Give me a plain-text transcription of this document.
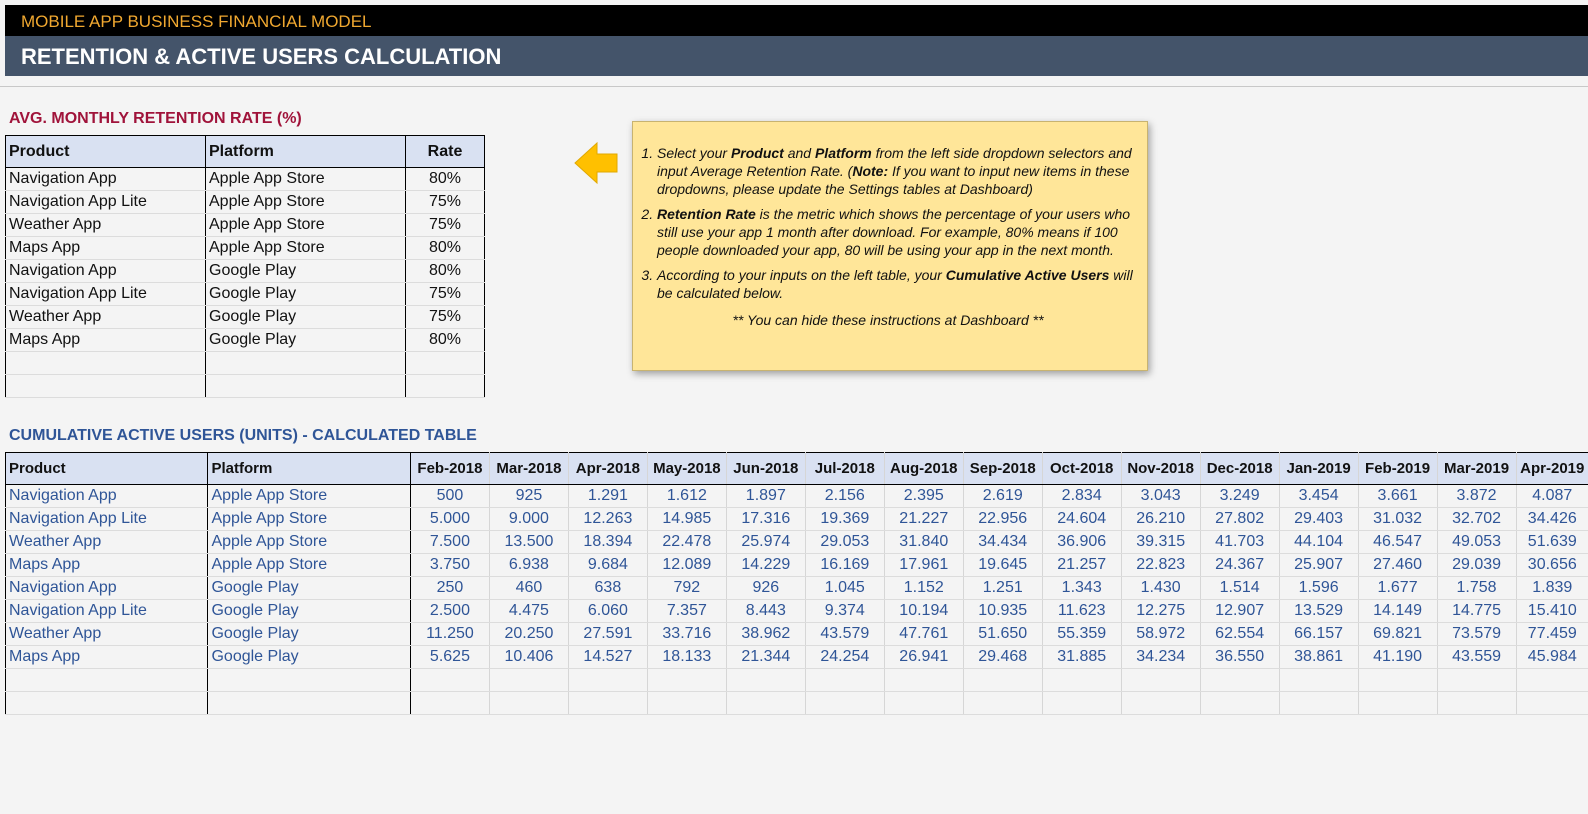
MOBILE APP BUSINESS FINANCIAL MODEL
RETENTION & ACTIVE USERS CALCULATION
AVG. MONTHLY RETENTION RATE (%)
Product	Platform	Rate
Navigation App	Apple App Store	80%
Navigation App Lite	Apple App Store	75%
Weather App	Apple App Store	75%
Maps App	Apple App Store	80%
Navigation App	Google Play	80%
Navigation App Lite	Google Play	75%
Weather App	Google Play	75%
Maps App	Google Play	80%

1. Select your Product and Platform from the left side dropdown selectors and input Average Retention Rate. (Note: If you want to input new items in these dropdowns, please update the Settings tables at Dashboard)
2. Retention Rate is the metric which shows the percentage of your users who still use your app 1 month after download. For example, 80% means if 100 people downloaded your app, 80 will be using your app in the next month.
3. According to your inputs on the left table, your Cumulative Active Users will be calculated below.
** You can hide these instructions at Dashboard **
CUMULATIVE ACTIVE USERS (UNITS) - CALCULATED TABLE
Product	Platform	Feb-2018	Mar-2018	Apr-2018	May-2018	Jun-2018	Jul-2018	Aug-2018	Sep-2018	Oct-2018	Nov-2018	Dec-2018	Jan-2019	Feb-2019	Mar-2019	Apr-2019
Navigation App	Apple App Store	500	925	1.291	1.612	1.897	2.156	2.395	2.619	2.834	3.043	3.249	3.454	3.661	3.872	4.087
Navigation App Lite	Apple App Store	5.000	9.000	12.263	14.985	17.316	19.369	21.227	22.956	24.604	26.210	27.802	29.403	31.032	32.702	34.426
Weather App	Apple App Store	7.500	13.500	18.394	22.478	25.974	29.053	31.840	34.434	36.906	39.315	41.703	44.104	46.547	49.053	51.639
Maps App	Apple App Store	3.750	6.938	9.684	12.089	14.229	16.169	17.961	19.645	21.257	22.823	24.367	25.907	27.460	29.039	30.656
Navigation App	Google Play	250	460	638	792	926	1.045	1.152	1.251	1.343	1.430	1.514	1.596	1.677	1.758	1.839
Navigation App Lite	Google Play	2.500	4.475	6.060	7.357	8.443	9.374	10.194	10.935	11.623	12.275	12.907	13.529	14.149	14.775	15.410
Weather App	Google Play	11.250	20.250	27.591	33.716	38.962	43.579	47.761	51.650	55.359	58.972	62.554	66.157	69.821	73.579	77.459
Maps App	Google Play	5.625	10.406	14.527	18.133	21.344	24.254	26.941	29.468	31.885	34.234	36.550	38.861	41.190	43.559	45.984
